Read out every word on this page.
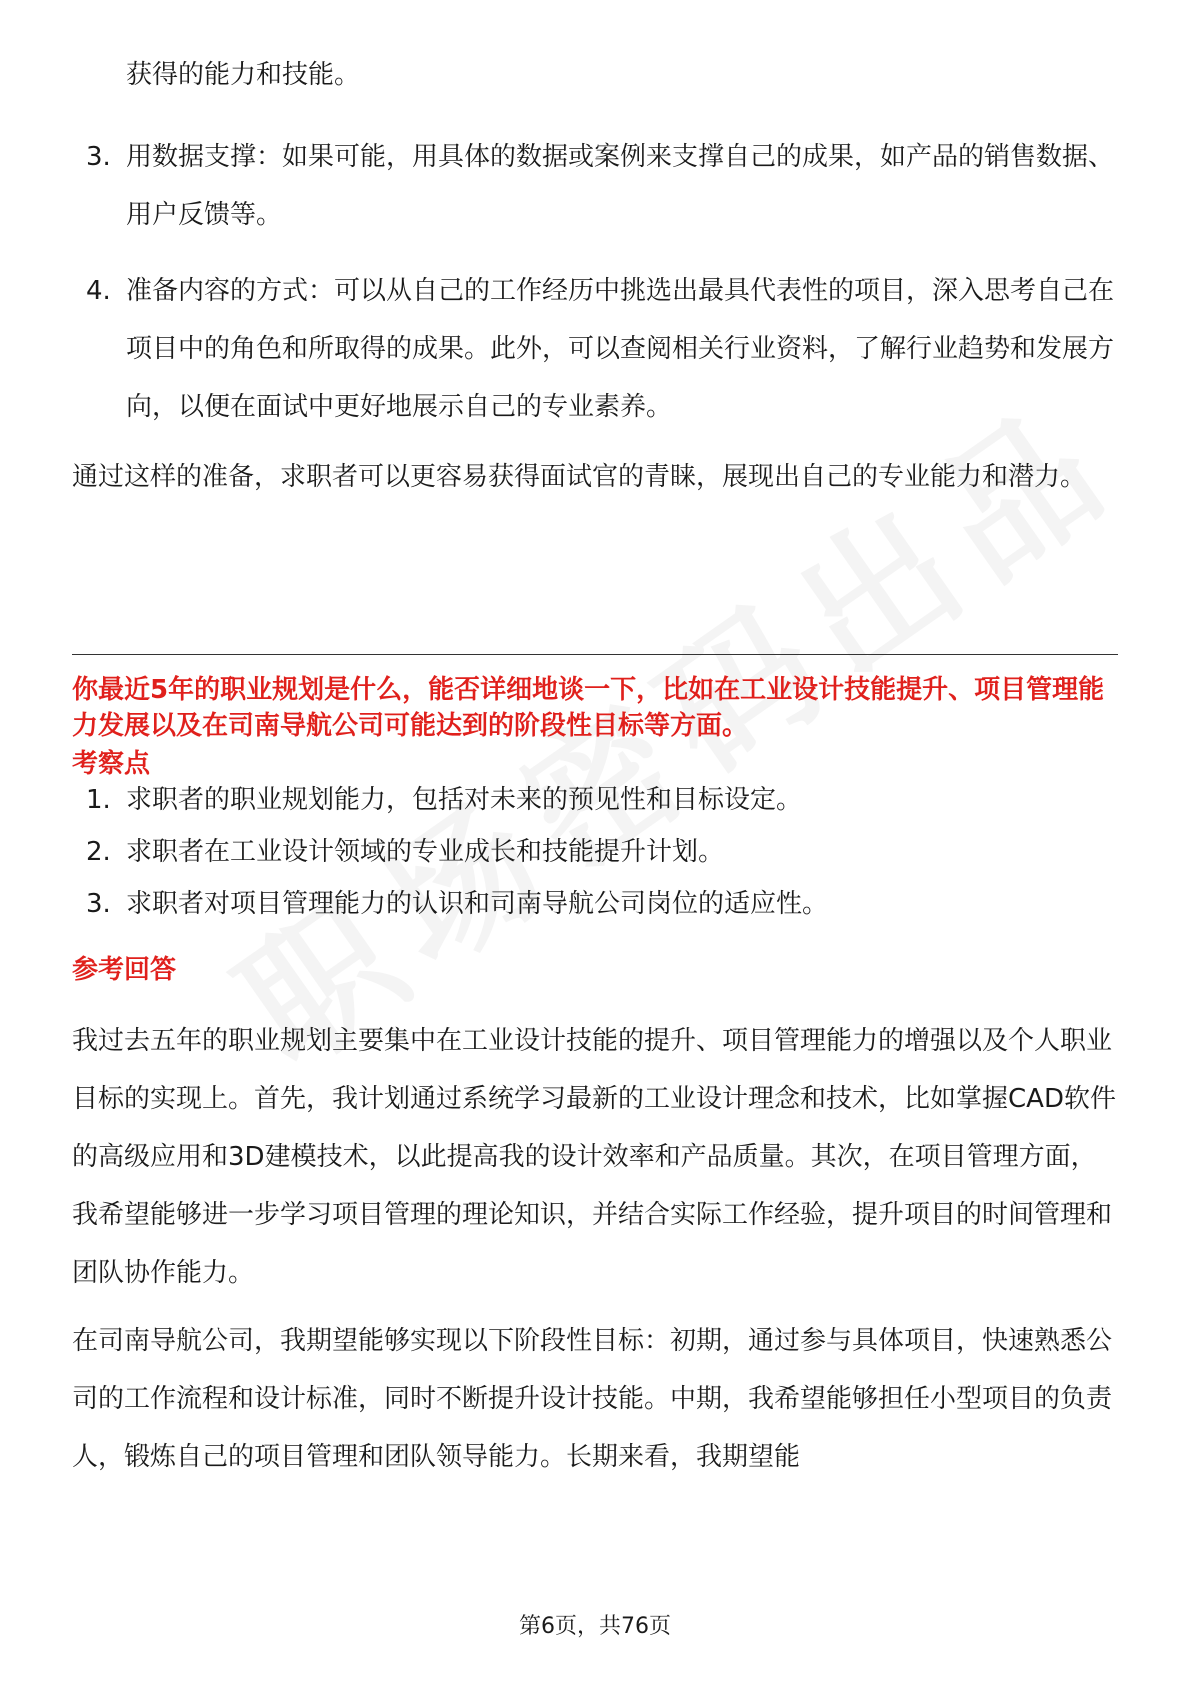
获得的能力和技能。

3. 用数据支撑：如果可能，用具体的数据或案例来支撑自己的成果，如产品的销售数据、用户反馈等。
4. 准备内容的方式：可以从自己的工作经历中挑选出最具代表性的项目，深入思考自己在项目中的角色和所取得的成果。此外，可以查阅相关行业资料，了解行业趋势和发展方向，以便在面试中更好地展示自己的专业素养。

通过这样的准备，求职者可以更容易获得面试官的青睐，展现出自己的专业能力和潜力。

你最近5年的职业规划是什么，能否详细地谈一下，比如在工业设计技能提升、项目管理能力发展以及在司南导航公司可能达到的阶段性目标等方面。

考察点

1. 求职者的职业规划能力，包括对未来的预见性和目标设定。
2. 求职者在工业设计领域的专业成长和技能提升计划。
3. 求职者对项目管理能力的认识和司南导航公司岗位的适应性。

参考回答

我过去五年的职业规划主要集中在工业设计技能的提升、项目管理能力的增强以及个人职业目标的实现上。首先，我计划通过系统学习最新的工业设计理念和技术，比如掌握CAD软件的高级应用和3D建模技术，以此提高我的设计效率和产品质量。其次，在项目管理方面，我希望能够进一步学习项目管理的理论知识，并结合实际工作经验，提升项目的时间管理和团队协作能力。

在司南导航公司，我期望能够实现以下阶段性目标：初期，通过参与具体项目，快速熟悉公司的工作流程和设计标准，同时不断提升设计技能。中期，我希望能够担任小型项目的负责人，锻炼自己的项目管理和团队领导能力。长期来看，我期望能

第6页，共76页
